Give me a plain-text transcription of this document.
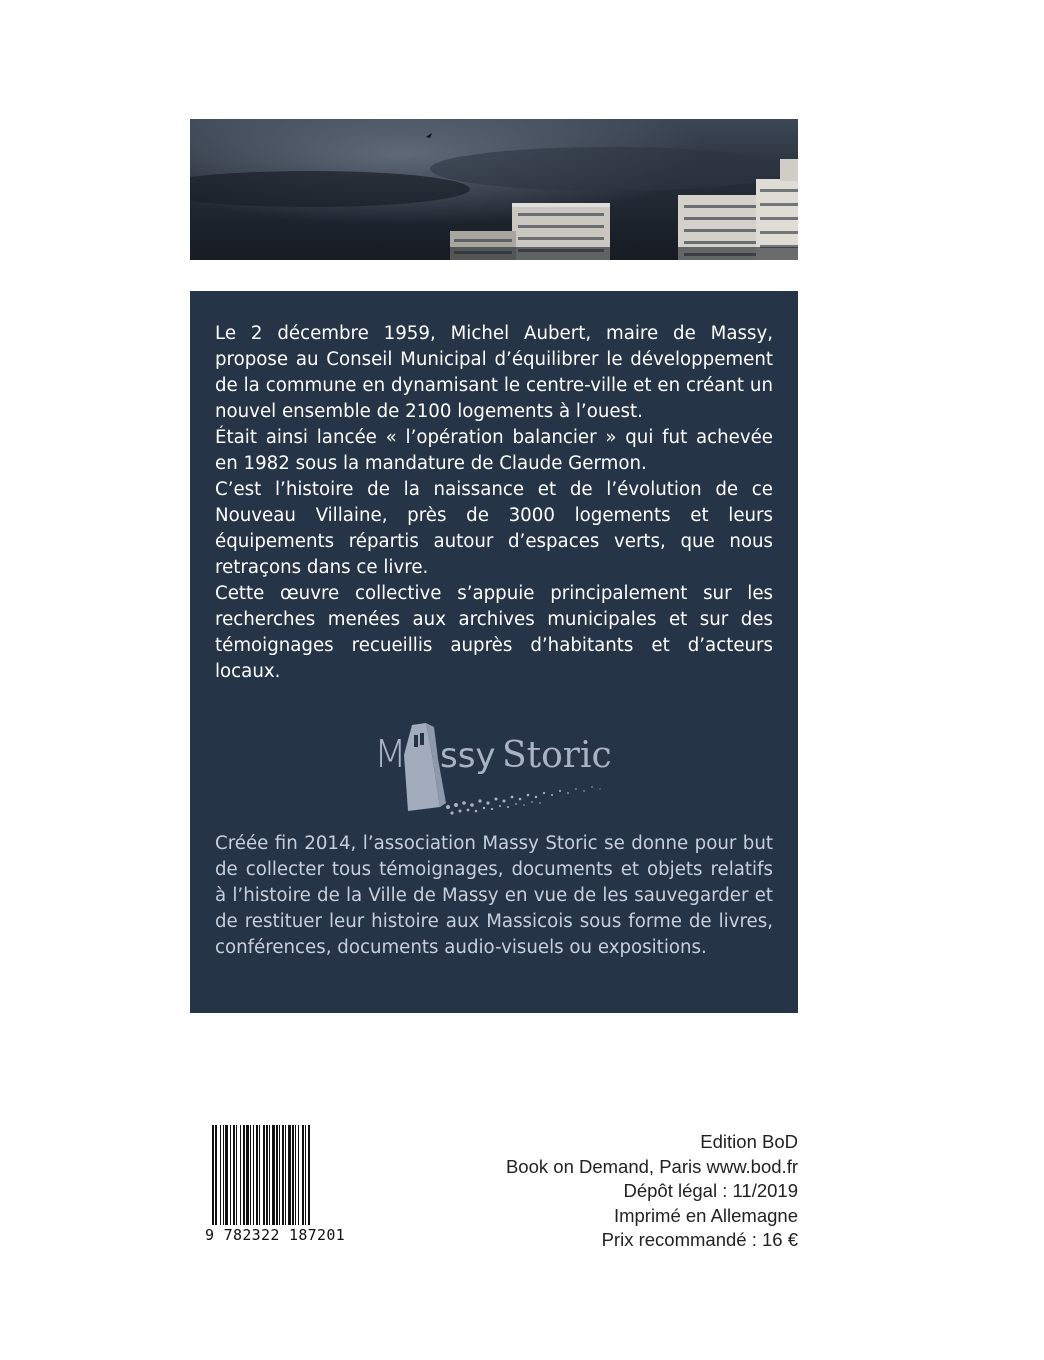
Le 2 décembre 1959, Michel Aubert, maire de Massy, propose au Conseil Municipal d’équilibrer le développement de la commune en dynamisant le centre-ville et en créant un nouvel ensemble de 2100 logements à l’ouest.

Était ainsi lancée « l’opération balancier » qui fut achevée en 1982 sous la mandature de Claude Germon.

C’est l’histoire de la naissance et de l’évolution de ce Nouveau Villaine, près de 3000 logements et leurs équipements répartis autour d’espaces verts, que nous retraçons dans ce livre.

Cette œuvre collective s’appuie principalement sur les recherches menées aux archives municipales et sur des témoignages recueillis auprès d’habitants et d’acteurs locaux.

M ssy Storic
Créée fin 2014, l’association Massy Storic se donne pour but de collecter tous témoignages, documents et objets relatifs à l’histoire de la Ville de Massy en vue de les sauvegarder et de restituer leur histoire aux Massicois sous forme de livres, conférences, documents audio-visuels ou expositions.
9 782322 187201
Edition BoD
Book on Demand, Paris www.bod.fr
Dépôt légal : 11/2019
Imprimé en Allemagne
Prix recommandé : 16 €
